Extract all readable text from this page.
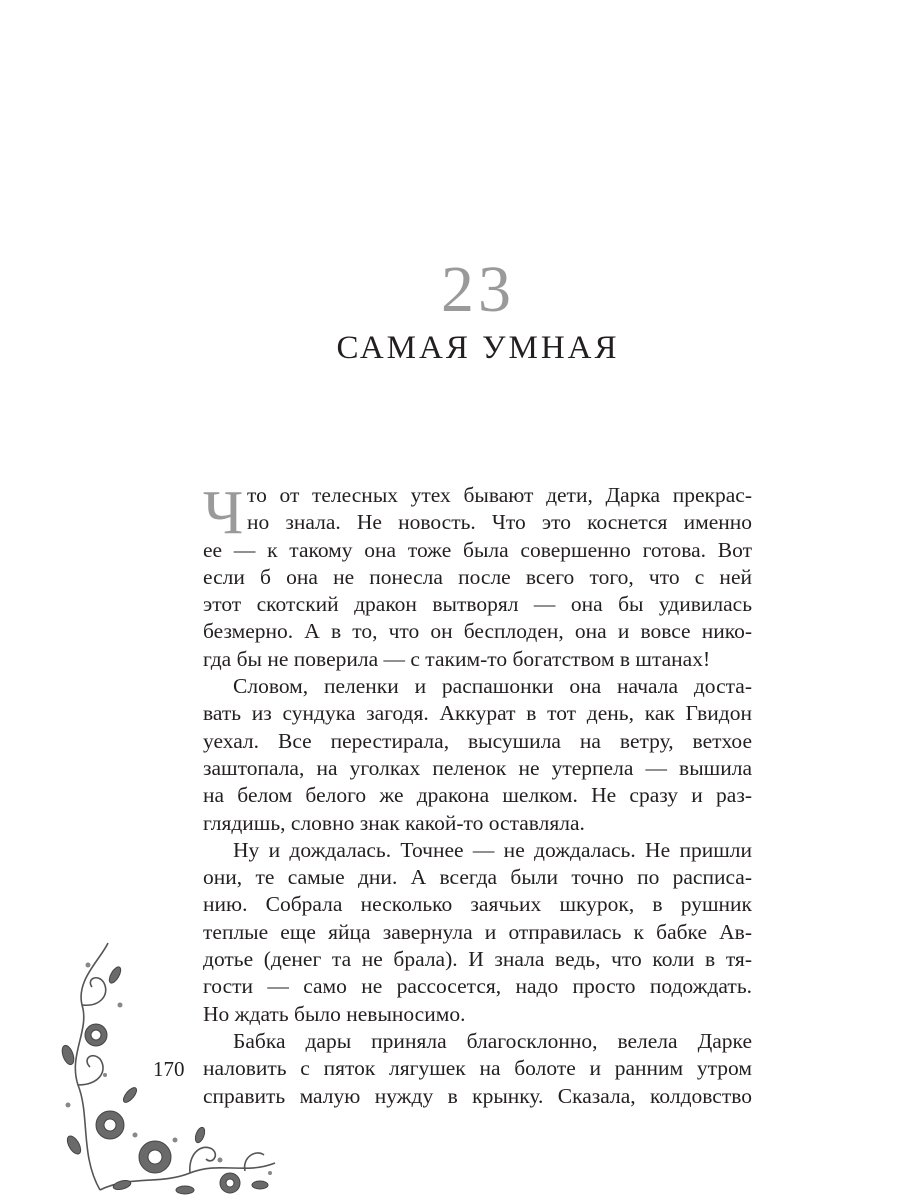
23
САМАЯ УМНАЯ
Ч то от телесных утех бывают дети, Дарка прекрас-
но знала. Не новость. Что это коснется именно
ее — к такому она тоже была совершенно готова. Вот
если б она не понесла после всего того, что с ней
этот скотский дракон вытворял — она бы удивилась
безмерно. А в то, что он бесплоден, она и вовсе нико-
гда бы не поверила — с таким-то богатством в штанах!
Словом, пеленки и распашонки она начала доста-
вать из сундука загодя. Аккурат в тот день, как Гвидон
уехал. Все перестирала, высушила на ветру, ветхое
заштопала, на уголках пеленок не утерпела — вышила
на белом белого же дракона шелком. Не сразу и раз-
глядишь, словно знак какой-то оставляла.
Ну и дождалась. Точнее — не дождалась. Не пришли
они, те самые дни. А всегда были точно по расписа-
нию. Собрала несколько заячьих шкурок, в рушник
теплые еще яйца завернула и отправилась к бабке Ав-
дотье (денег та не брала). И знала ведь, что коли в тя-
гости — само не рассосется, надо просто подождать.
Но ждать было невыносимо.
Бабка дары приняла благосклонно, велела Дарке
наловить с пяток лягушек на болоте и ранним утром
справить малую нужду в крынку. Сказала, колдовство
170
